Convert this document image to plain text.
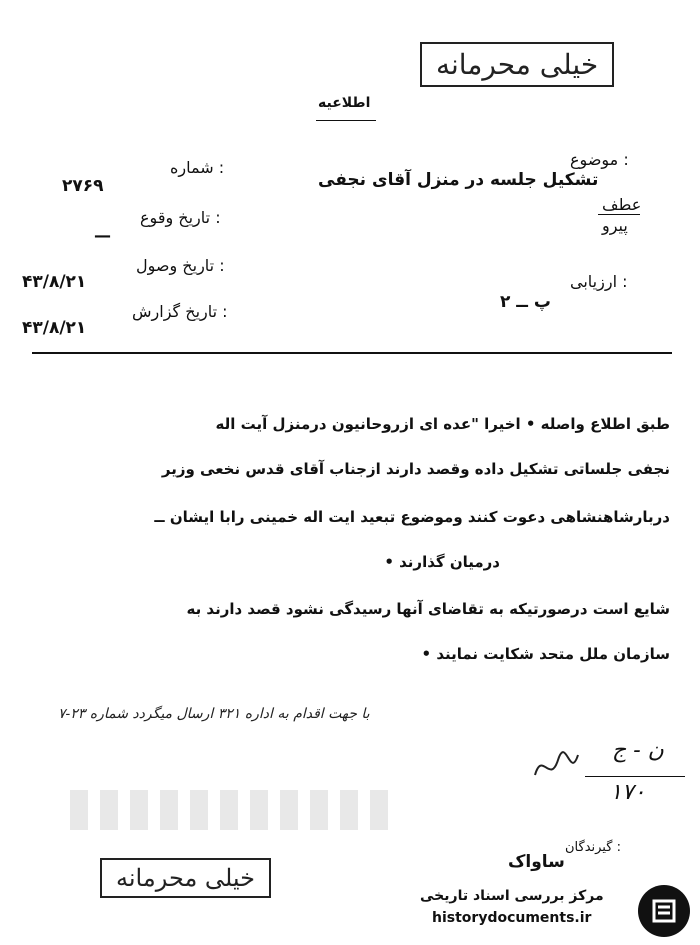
خیلی محرمانه
اطلاعیه
موضوع :
تشکیل جلسه در منزل آقای نجفی
عطف
پیرو
ارزیابی :
پ ــ ۲
شماره :
۲۷۶۹
تاریخ وقوع :
—
تاریخ وصول :
۴۳/۸/۲۱
تاریخ گزارش :
۴۳/۸/۲۱
طبق اطلاع واصله • اخیرا "عده ای ازروحانیون درمنزل آیت اله
نجفی جلساتی تشکیل داده وقصد دارند ازجناب آقای قدس نخعی وزیر
دربارشاهنشاهی دعوت کنند وموضوع تبعید ایت اله خمینی رابا ایشان ــ
درمیان گذارند •
شایع است درصورتیکه به تقاضای آنها رسیدگی نشود قصد دارند به
سازمان ملل متحد شکایت نمایند •
با جهت اقدام به اداره ۳۲۱ ارسال میگردد شماره ۲۳-۷
ن - ج
۱۷۰
گیرندگان :
ساواک
خیلی محرمانه
مرکز بررسی اسناد تاریخی
historydocuments.ir
